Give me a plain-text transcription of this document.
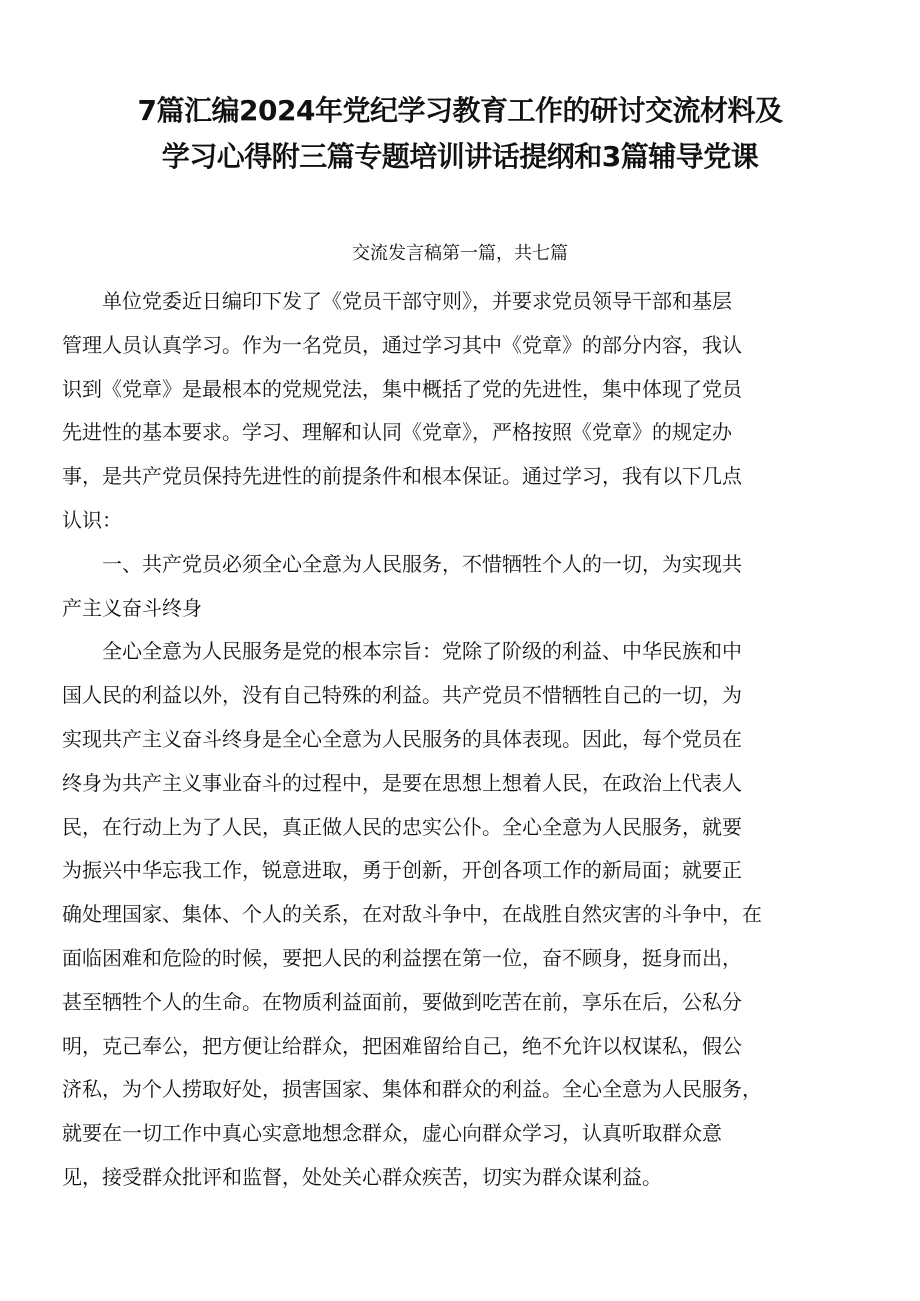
7篇汇编2024年党纪学习教育工作的研讨交流材料及
学习心得附三篇专题培训讲话提纲和3篇辅导党课
交流发言稿第一篇，共七篇

单位党委近日编印下发了《党员干部守则》，并要求党员领导干部和基层
管理人员认真学习。作为一名党员，通过学习其中《党章》的部分内容，我认
识到《党章》是最根本的党规党法，集中概括了党的先进性，集中体现了党员
先进性的基本要求。学习、理解和认同《党章》，严格按照《党章》的规定办
事，是共产党员保持先进性的前提条件和根本保证。通过学习，我有以下几点
认识：

一、共产党员必须全心全意为人民服务，不惜牺牲个人的一切，为实现共
产主义奋斗终身

全心全意为人民服务是党的根本宗旨：党除了阶级的利益、中华民族和中
国人民的利益以外，没有自己特殊的利益。共产党员不惜牺牲自己的一切，为
实现共产主义奋斗终身是全心全意为人民服务的具体表现。因此，每个党员在
终身为共产主义事业奋斗的过程中，是要在思想上想着人民，在政治上代表人
民，在行动上为了人民，真正做人民的忠实公仆。全心全意为人民服务，就要
为振兴中华忘我工作，锐意进取，勇于创新，开创各项工作的新局面；就要正
确处理国家、集体、个人的关系，在对敌斗争中，在战胜自然灾害的斗争中，在
面临困难和危险的时候，要把人民的利益摆在第一位，奋不顾身，挺身而出，
甚至牺牲个人的生命。在物质利益面前，要做到吃苦在前，享乐在后，公私分
明，克己奉公，把方便让给群众，把困难留给自己，绝不允许以权谋私，假公
济私，为个人捞取好处，损害国家、集体和群众的利益。全心全意为人民服务，
就要在一切工作中真心实意地想念群众，虚心向群众学习，认真听取群众意
见，接受群众批评和监督，处处关心群众疾苦，切实为群众谋利益。
